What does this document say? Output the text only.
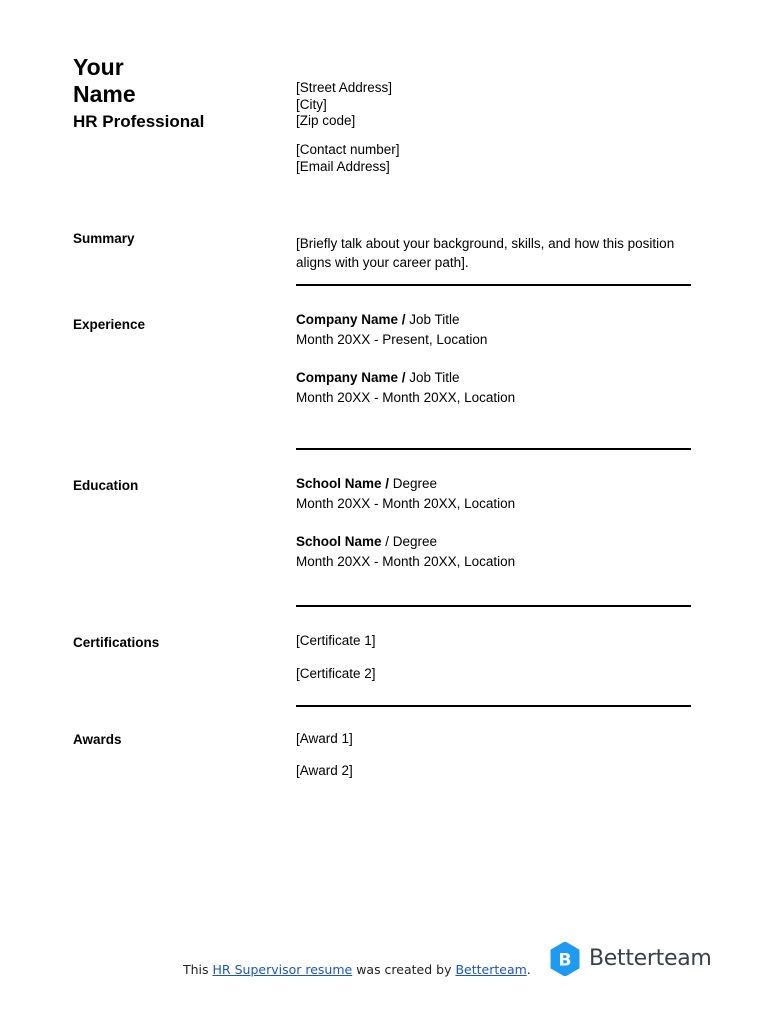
Your
Name
HR Professional
[Street Address]
[City]
[Zip code]
[Contact number]
[Email Address]
Summary	[Briefly talk about your background, skills, and how this position
aligns with your career path].
Experience	Company Name / Job Title
Month 20XX - Present, Location
Company Name / Job Title
Month 20XX - Month 20XX, Location
Education	School Name / Degree
Month 20XX - Month 20XX, Location
School Name / Degree
Month 20XX - Month 20XX, Location
Certifications	[Certificate 1]
[Certificate 2]
Awards	[Award 1]
[Award 2]
This HR Supervisor resume was created by Betterteam. B Betterteam
